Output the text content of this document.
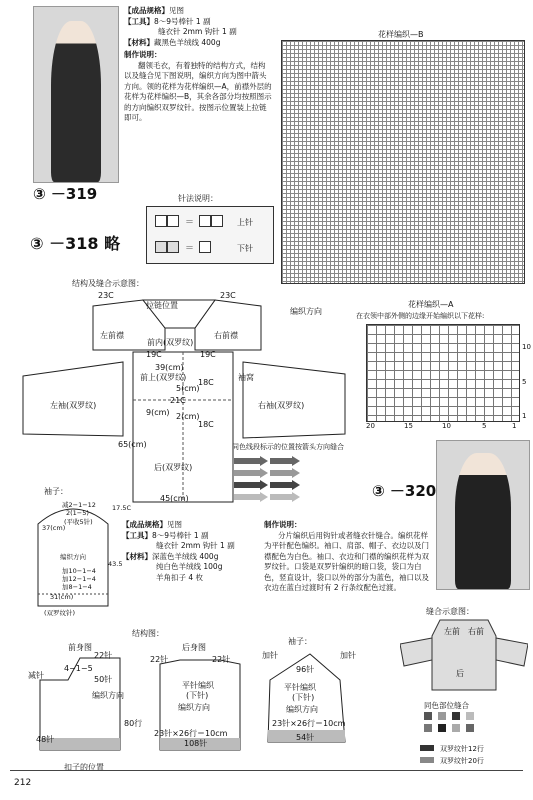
③ －319
③ －318 略
【成品规格】见图
【工具】8～9号棒针 1 副
缝衣针 2mm 钩针 1 副
【材料】藏黑色羊绒线 400g
制作说明：
翻领毛衣，有着独特的结构方式，结构以及缝合见下图说明，编织方向为图中箭头方向。领的花样为花样编织—A，前襟外层的花样为花样编织—B，其余各部分均按照图示的方向编织双罗纹针。按图示位置装上拉链即可。
针法说明：
＝	上针
＝	下针
花样编织—B
结构及缝合示意图：
23C
拉链位置
23C
编织方向
左前襟	右前襟
前内(双罗纹)
19C	19C
39(cm)
前上(双罗纹)	袖窝
5(cm)
18C
21C
9(cm) 2(cm)
18C
左袖(双罗纹)	右袖(双罗纹)
65(cm)
后(双罗纹)
45(cm)
同色线段标示的位置按箭头方向缝合
花样编织—A
在衣领中部外侧的边缘开始编织以下花样:
10
5
1
20	15	10	5	1
袖子：
减2−1−12
2(1−5)
(平收5针)
37(cm)
编织方向
加10−1−4
加12−1−4
加8−1−4
31(cm)
(双罗纹针)
43.5
17.5C
③ －320
【成品规格】见图
【工具】8～9号棒针 1 副
缝衣针 2mm 钩针 1 副
【材料】深蓝色羊绒线 400g
纯白色羊绒线 100g
羊角扣子 4 枚
制作说明：
分片编织后用钩针或者缝衣针缝合。编织花样为平针配色编织。袖口、肩部、帽子、衣边以及门襟配色为白色。袖口、衣边和门襟的编织花样为双罗纹针。口袋是双罗针编织的暗口袋，袋口为白色，竖直设计，袋口以外的部分为蓝色，袖口以及衣边在蓝白过渡时有 2 行条纹配色过渡。
结构图：
前身图	后身图
袖子：
22针
减针
4−1−5
50针
编织方向
48针
扣子的位置
22针	22针
平针编织
(下针)
编织方向
80行
23针×26行＝10cm
108针
加针	加针
96针
平针编织
(下针)
编织方向
23针×26行＝10cm
54针
缝合示意图：
左前 右前
后
同色部位缝合
双罗纹针12行
双罗纹针20行
212
